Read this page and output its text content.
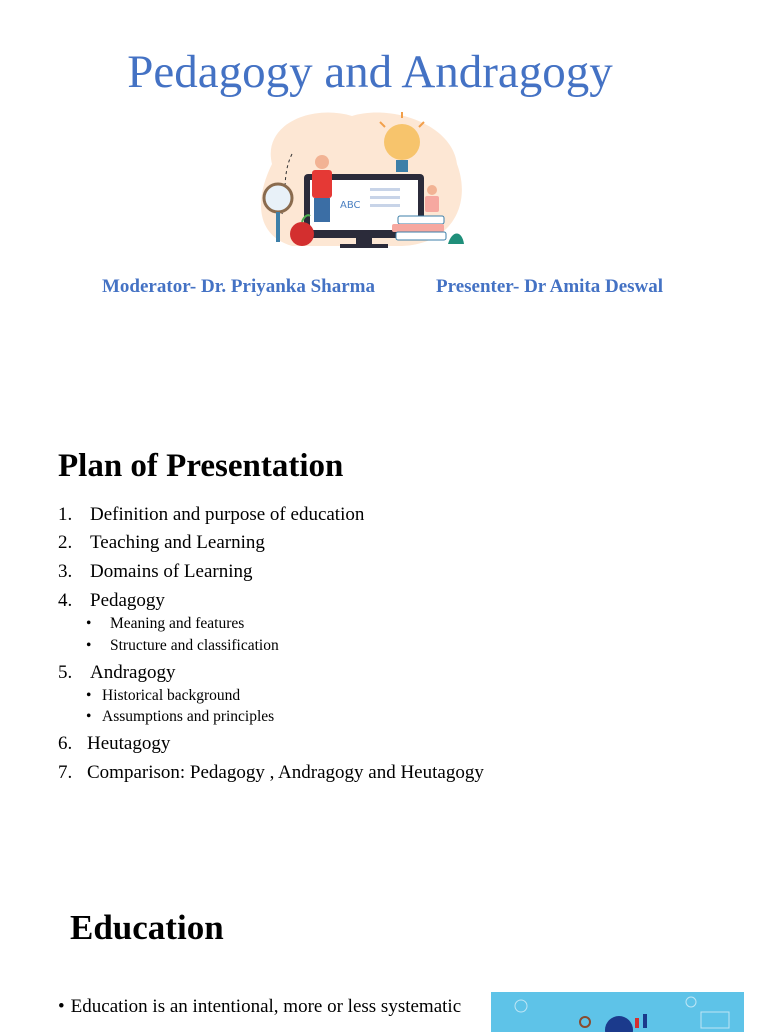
Pedagogy and Andragogy
ABC
Moderator- Dr. Priyanka Sharma	Presenter- Dr Amita Deswal
Plan of Presentation
1. Definition and purpose of education
2. Teaching and Learning
3. Domains of Learning
4. Pedagogy
• Meaning and features
• Structure and classification
5. Andragogy
• Historical background
• Assumptions and principles
6. Heutagogy
7. Comparison: Pedagogy , Andragogy and Heutagogy
Education
• Education is an intentional, more or less systematic
